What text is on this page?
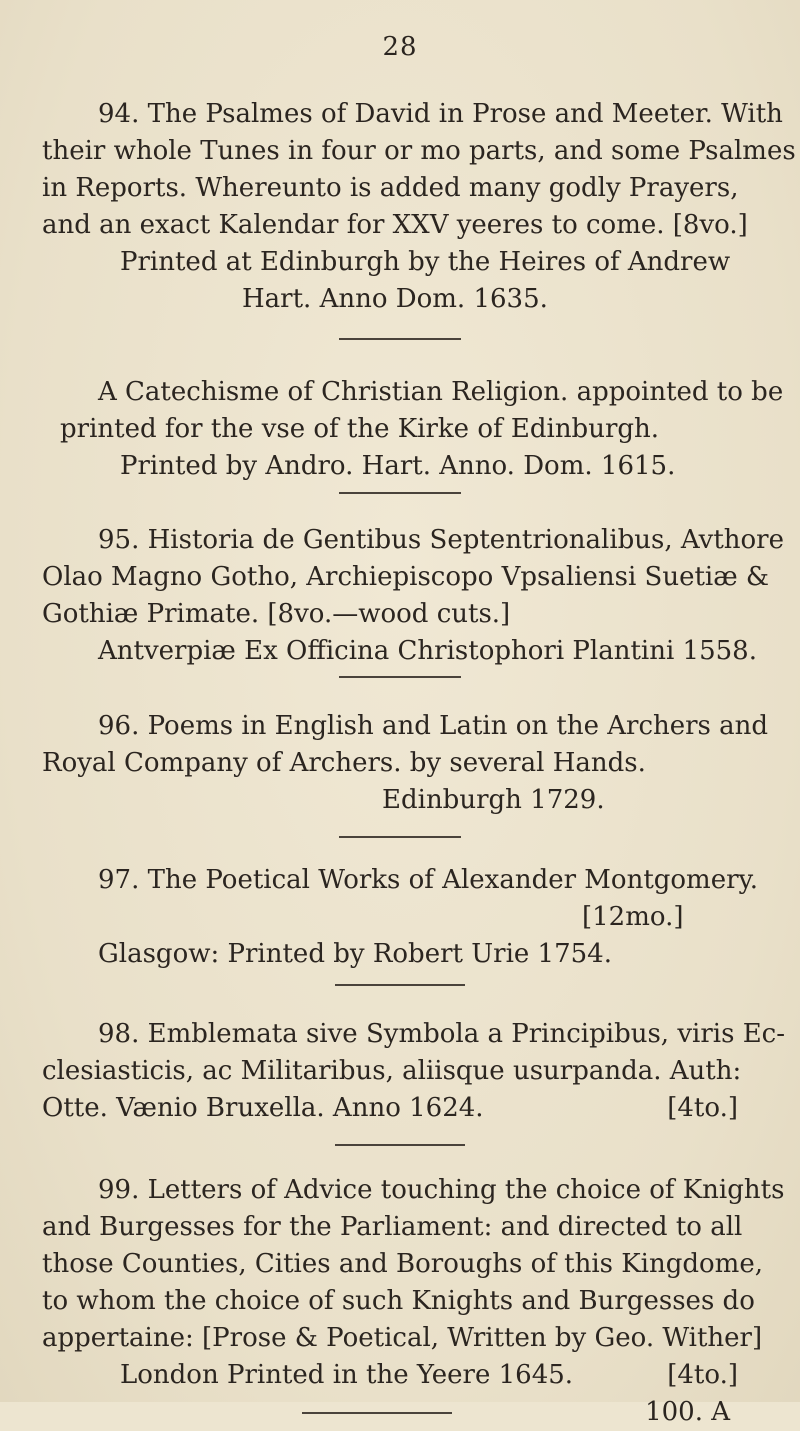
28
94. The Psalmes of David in Prose and Meeter. With
their whole Tunes in four or mo parts, and some Psalmes
in Reports. Whereunto is added many godly Prayers,
and an exact Kalendar for XXV yeeres to come. [8vo.]
Printed at Edinburgh by the Heires of Andrew
Hart. Anno Dom. 1635.
A Catechisme of Christian Religion. appointed to be
printed for the vse of the Kirke of Edinburgh.
Printed by Andro. Hart. Anno. Dom. 1615.
95. Historia de Gentibus Septentrionalibus, Avthore
Olao Magno Gotho, Archiepiscopo Vpsaliensi Suetiæ &
Gothiæ Primate. [8vo.—wood cuts.]
Antverpiæ Ex Officina Christophori Plantini 1558.
96. Poems in English and Latin on the Archers and
Royal Company of Archers. by several Hands.
Edinburgh 1729.
97. The Poetical Works of Alexander Montgomery.
[12mo.]
Glasgow: Printed by Robert Urie 1754.
98. Emblemata sive Symbola a Principibus, viris Ec-
clesiasticis, ac Militaribus, aliisque usurpanda. Auth:
Otte. Vænio Bruxella. Anno 1624.	[4to.]
99. Letters of Advice touching the choice of Knights
and Burgesses for the Parliament: and directed to all
those Counties, Cities and Boroughs of this Kingdome,
to whom the choice of such Knights and Burgesses do
appertaine: [Prose & Poetical, Written by Geo. Wither]
London Printed in the Yeere 1645.	[4to.]
100. A
